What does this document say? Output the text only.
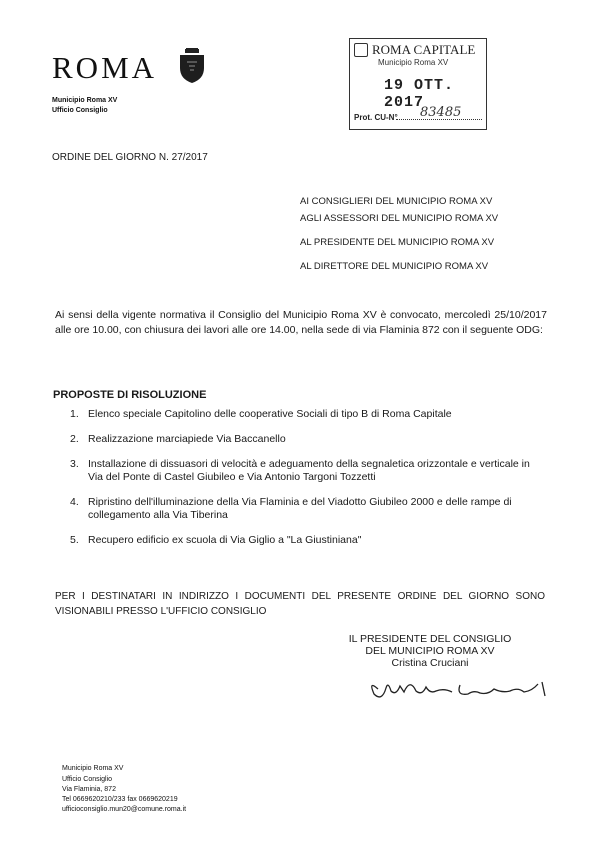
ROMA
Municipio Roma XV
Ufficio Consiglio
ROMA CAPITALE
Municipio Roma XV
19 OTT. 2017
Prot. CU-N° 83485
ORDINE DEL GIORNO N. 27/2017
AI CONSIGLIERI DEL MUNICIPIO ROMA XV
AGLI ASSESSORI DEL MUNICIPIO ROMA XV
AL PRESIDENTE DEL MUNICIPIO ROMA XV
AL DIRETTORE DEL MUNICIPIO ROMA XV
Ai sensi della vigente normativa il Consiglio del Municipio Roma XV è convocato, mercoledì 25/10/2017 alle ore 10.00, con chiusura dei lavori alle ore 14.00, nella sede di via Flaminia 872 con il seguente ODG:
PROPOSTE DI RISOLUZIONE
1. Elenco speciale Capitolino delle cooperative Sociali di tipo B di Roma Capitale
2. Realizzazione marciapiede Via Baccanello
3. Installazione di dissuasori di velocità e adeguamento della segnaletica orizzontale e verticale in Via del Ponte di Castel Giubileo e Via Antonio Targoni Tozzetti
4. Ripristino dell'illuminazione della Via Flaminia e del Viadotto Giubileo 2000 e delle rampe di collegamento alla Via Tiberina
5. Recupero edificio ex scuola di Via Giglio a "La Giustiniana"
PER I DESTINATARI IN INDIRIZZO I DOCUMENTI DEL PRESENTE ORDINE DEL GIORNO SONO VISIONABILI PRESSO L'UFFICIO CONSIGLIO
IL PRESIDENTE DEL CONSIGLIO
DEL MUNICIPIO ROMA XV
Cristina Cruciani
Municipio Roma XV
Ufficio Consiglio
Via Flaminia, 872
Tel 0669620210/233 fax 0669620219
ufficioconsiglio.mun20@comune.roma.it
